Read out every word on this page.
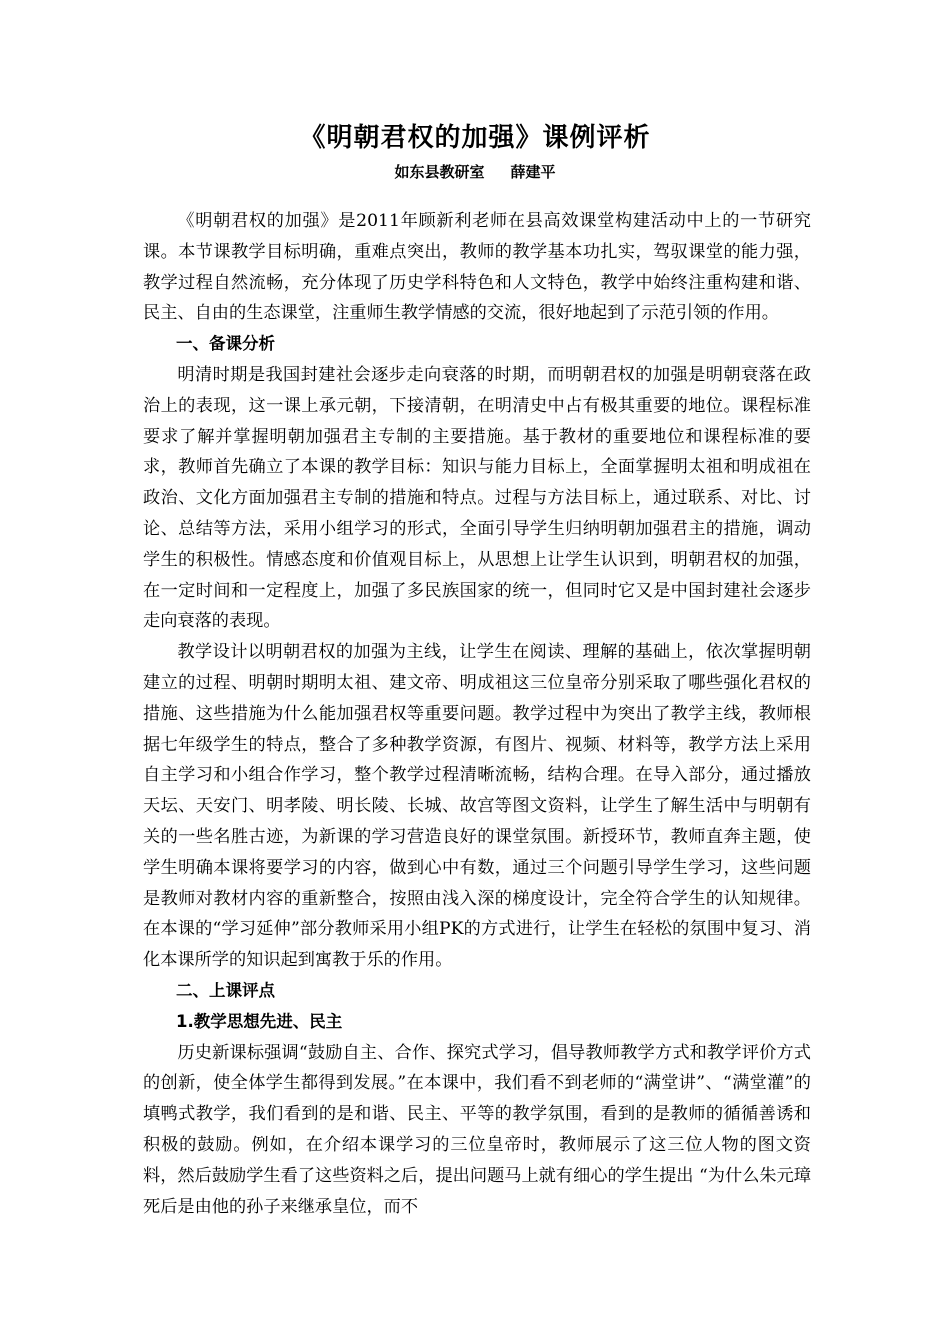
《明朝君权的加强》课例评析
如东县教研室 薛建平

《明朝君权的加强》是2011年顾新利老师在县高效课堂构建活动中上的一节研究课。本节课教学目标明确，重难点突出，教师的教学基本功扎实，驾驭课堂的能力强，教学过程自然流畅，充分体现了历史学科特色和人文特色，教学中始终注重构建和谐、民主、自由的生态课堂，注重师生教学情感的交流，很好地起到了示范引领的作用。

一、备课分析

明清时期是我国封建社会逐步走向衰落的时期，而明朝君权的加强是明朝衰落在政治上的表现，这一课上承元朝，下接清朝，在明清史中占有极其重要的地位。课程标准要求了解并掌握明朝加强君主专制的主要措施。基于教材的重要地位和课程标准的要求，教师首先确立了本课的教学目标：知识与能力目标上，全面掌握明太祖和明成祖在政治、文化方面加强君主专制的措施和特点。过程与方法目标上，通过联系、对比、讨论、总结等方法，采用小组学习的形式，全面引导学生归纳明朝加强君主的措施，调动学生的积极性。情感态度和价值观目标上，从思想上让学生认识到，明朝君权的加强，在一定时间和一定程度上，加强了多民族国家的统一，但同时它又是中国封建社会逐步走向衰落的表现。

教学设计以明朝君权的加强为主线，让学生在阅读、理解的基础上，依次掌握明朝建立的过程、明朝时期明太祖、建文帝、明成祖这三位皇帝分别采取了哪些强化君权的措施、这些措施为什么能加强君权等重要问题。教学过程中为突出了教学主线，教师根据七年级学生的特点，整合了多种教学资源，有图片、视频、材料等，教学方法上采用自主学习和小组合作学习，整个教学过程清晰流畅，结构合理。在导入部分，通过播放天坛、天安门、明孝陵、明长陵、长城、故宫等图文资料，让学生了解生活中与明朝有关的一些名胜古迹，为新课的学习营造良好的课堂氛围。新授环节，教师直奔主题，使学生明确本课将要学习的内容，做到心中有数，通过三个问题引导学生学习，这些问题是教师对教材内容的重新整合，按照由浅入深的梯度设计，完全符合学生的认知规律。在本课的“学习延伸”部分教师采用小组PK的方式进行，让学生在轻松的氛围中复习、消化本课所学的知识起到寓教于乐的作用。

二、上课评点
1.教学思想先进、民主

历史新课标强调“鼓励自主、合作、探究式学习，倡导教师教学方式和教学评价方式的创新，使全体学生都得到发展。”在本课中，我们看不到老师的“满堂讲”、“满堂灌”的填鸭式教学，我们看到的是和谐、民主、平等的教学氛围，看到的是教师的循循善诱和积极的鼓励。例如，在介绍本课学习的三位皇帝时，教师展示了这三位人物的图文资料，然后鼓励学生看了这些资料之后，提出问题马上就有细心的学生提出 “为什么朱元璋死后是由他的孙子来继承皇位，而不
